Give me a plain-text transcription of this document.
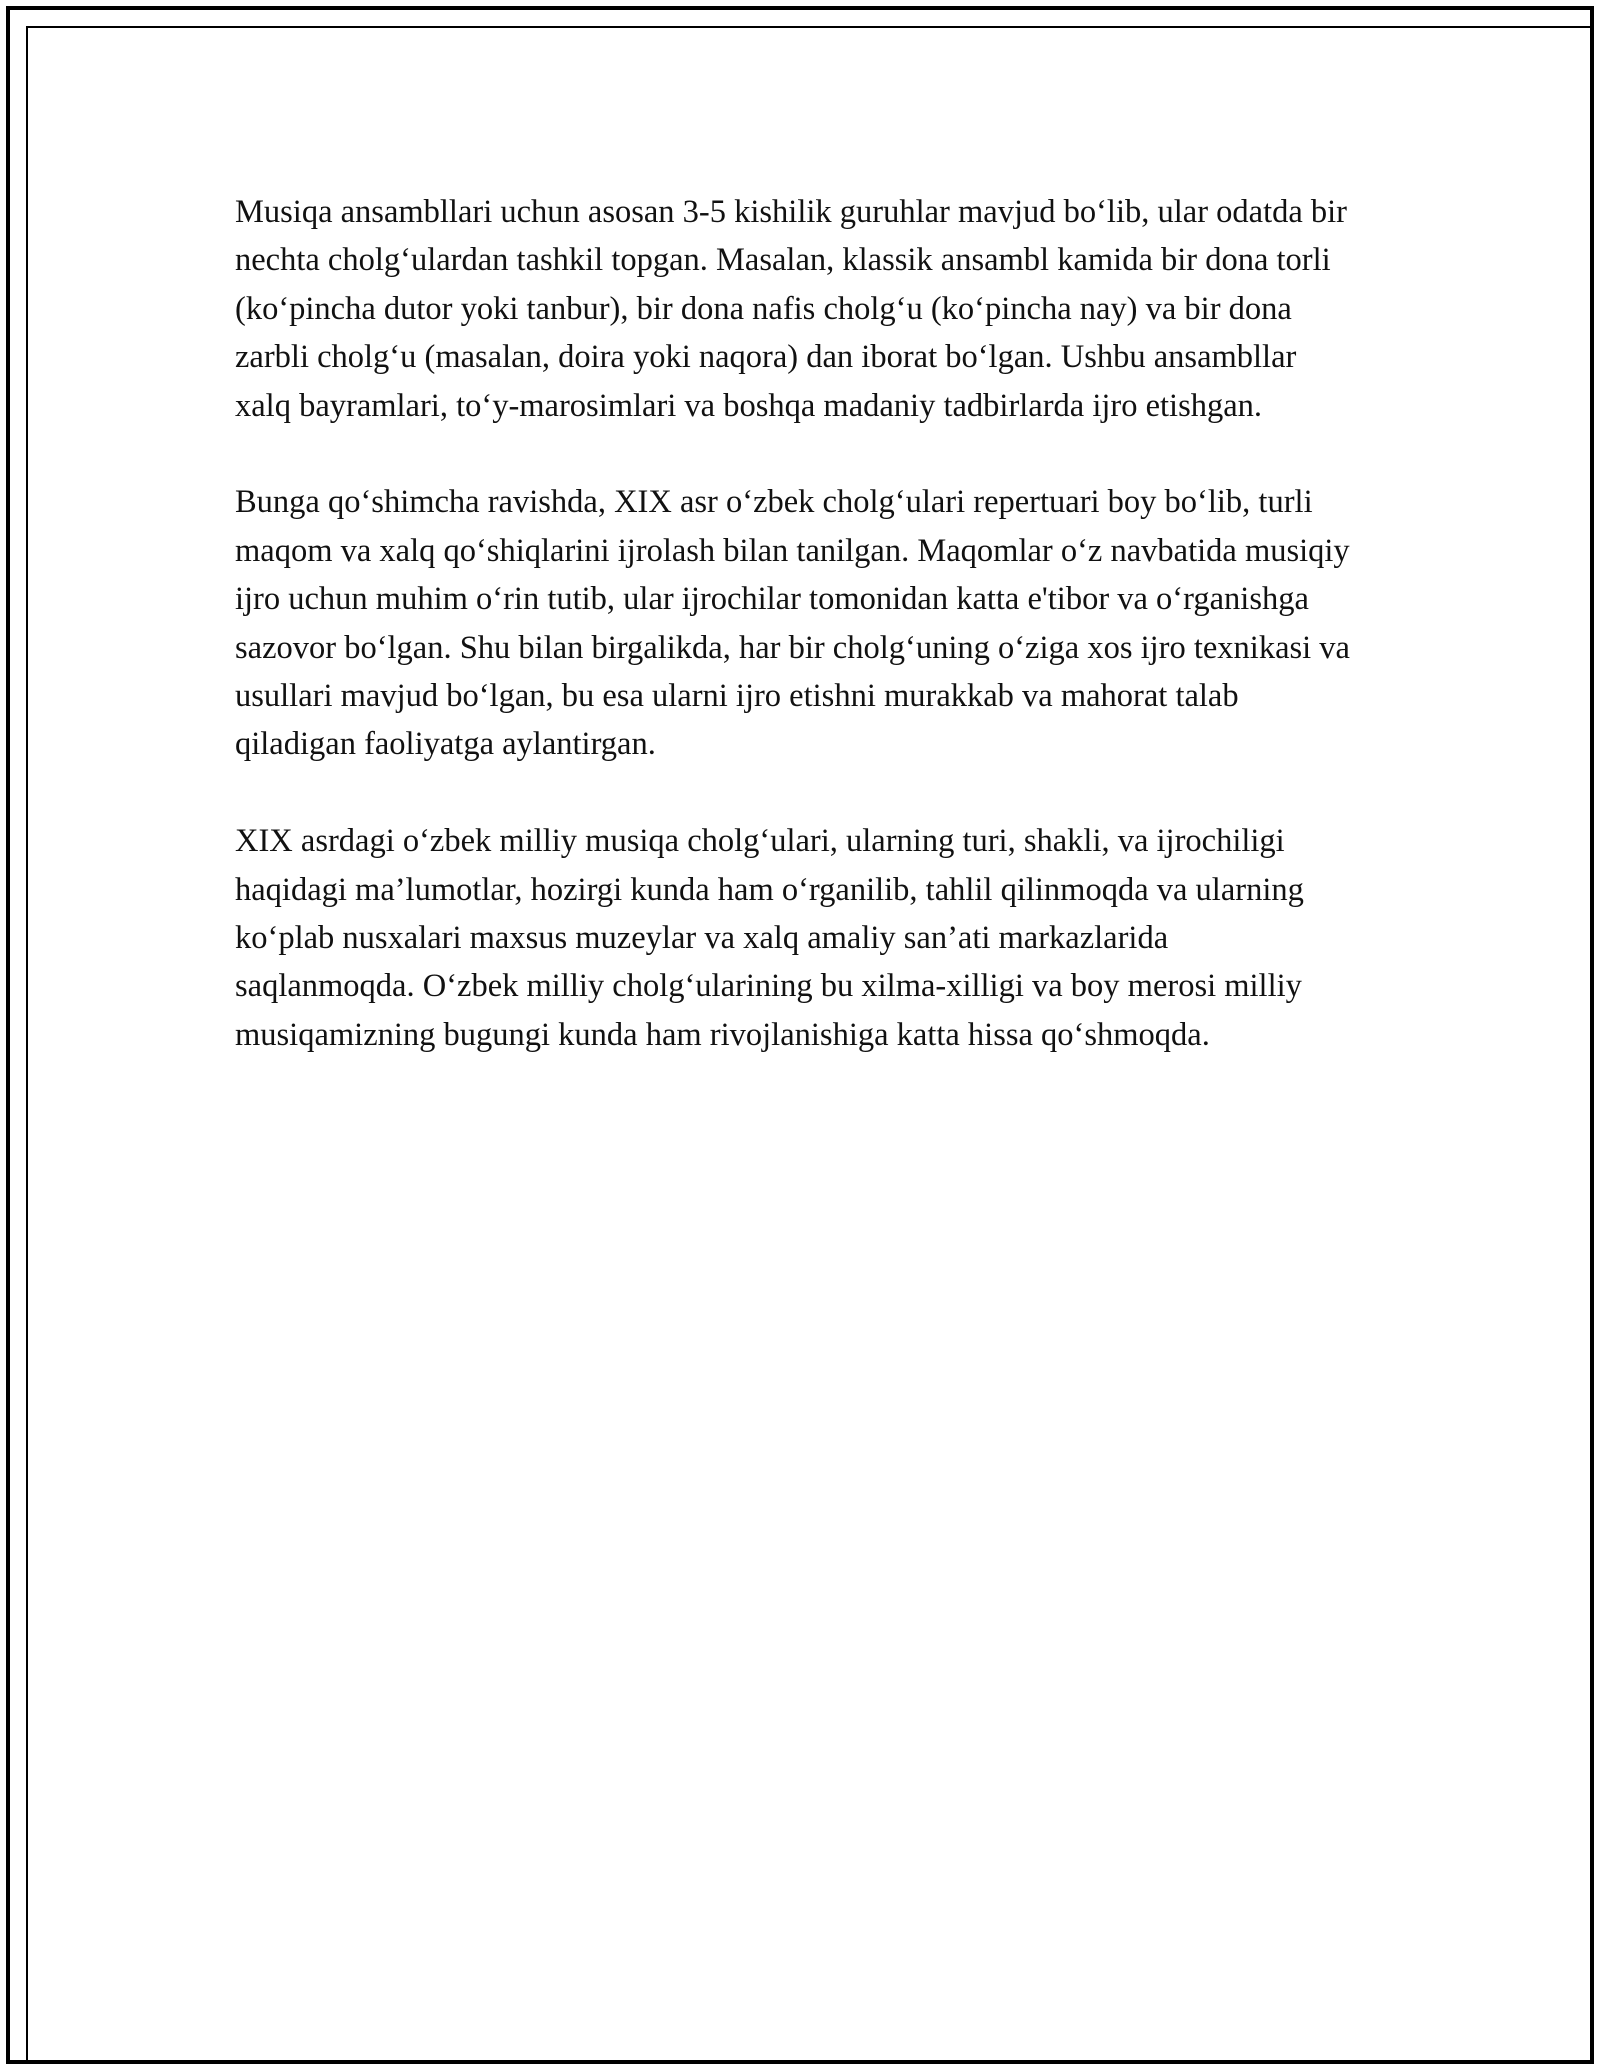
Musiqa ansambllari uchun asosan 3-5 kishilik guruhlar mavjud bo‘lib, ular odatda bir nechta cholg‘ulardan tashkil topgan. Masalan, klassik ansambl kamida bir dona torli (ko‘pincha dutor yoki tanbur), bir dona nafis cholg‘u (ko‘pincha nay) va bir dona zarbli cholg‘u (masalan, doira yoki naqora) dan iborat bo‘lgan. Ushbu ansambllar xalq bayramlari, to‘y-marosimlari va boshqa madaniy tadbirlarda ijro etishgan.

Bunga qo‘shimcha ravishda, XIX asr o‘zbek cholg‘ulari repertuari boy bo‘lib, turli maqom va xalq qo‘shiqlarini ijrolash bilan tanilgan. Maqomlar o‘z navbatida musiqiy ijro uchun muhim o‘rin tutib, ular ijrochilar tomonidan katta e'tibor va o‘rganishga sazovor bo‘lgan. Shu bilan birgalikda, har bir cholg‘uning o‘ziga xos ijro texnikasi va usullari mavjud bo‘lgan, bu esa ularni ijro etishni murakkab va mahorat talab qiladigan faoliyatga aylantirgan.

XIX asrdagi o‘zbek milliy musiqa cholg‘ulari, ularning turi, shakli, va ijrochiligi haqidagi ma’lumotlar, hozirgi kunda ham o‘rganilib, tahlil qilinmoqda va ularning ko‘plab nusxalari maxsus muzeylar va xalq amaliy san’ati markazlarida saqlanmoqda. O‘zbek milliy cholg‘ularining bu xilma-xilligi va boy merosi milliy musiqamizning bugungi kunda ham rivojlanishiga katta hissa qo‘shmoqda.
